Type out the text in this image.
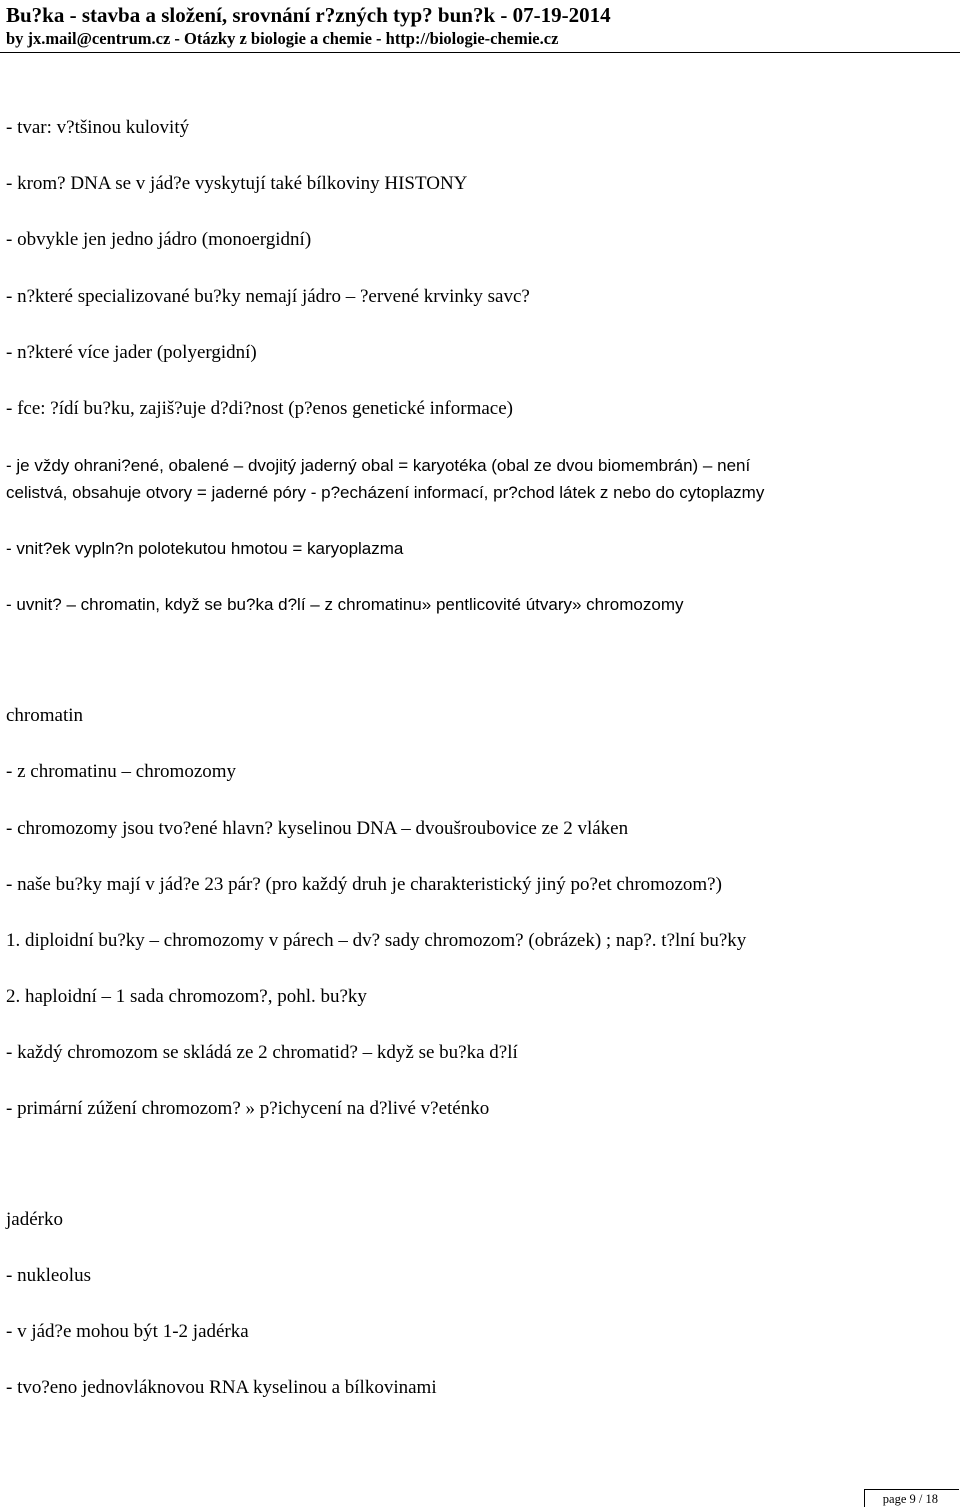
Bu?ka - stavba a složení, srovnání r?zných typ? bun?k - 07-19-2014
by jx.mail@centrum.cz - Otázky z biologie a chemie - http://biologie-chemie.cz
- tvar: v?tšinou kulovitý
- krom? DNA se v jád?e vyskytují také bílkoviny HISTONY
- obvykle jen jedno jádro (monoergidní)
- n?které specializované bu?ky nemají jádro – ?ervené krvinky savc?
- n?které více jader (polyergidní)
- fce: ?ídí bu?ku, zajiš?uje d?di?nost (p?enos genetické informace)
- je vždy ohrani?ené, obalené – dvojitý jaderný obal = karyotéka (obal ze dvou biomembrán) – není
celistvá, obsahuje otvory = jaderné póry - p?echázení informací, pr?chod látek z nebo do cytoplazmy
- vnit?ek vypln?n polotekutou hmotou = karyoplazma
- uvnit? – chromatin, když se bu?ka d?lí – z chromatinu» pentlicovité útvary» chromozomy
chromatin
- z chromatinu – chromozomy
- chromozomy jsou tvo?ené hlavn? kyselinou DNA – dvoušroubovice ze 2 vláken
- naše bu?ky mají v jád?e 23 pár? (pro každý druh je charakteristický jiný po?et chromozom?)
1. diploidní bu?ky – chromozomy v párech – dv? sady chromozom? (obrázek) ; nap?. t?lní bu?ky
2. haploidní – 1 sada chromozom?, pohl. bu?ky
- každý chromozom se skládá ze 2 chromatid? – když se bu?ka d?lí
- primární zúžení chromozom? » p?ichycení na d?livé v?eténko
jadérko
- nukleolus
- v jád?e mohou být 1-2 jadérka
- tvo?eno jednovláknovou RNA kyselinou a bílkovinami
page 9 / 18
